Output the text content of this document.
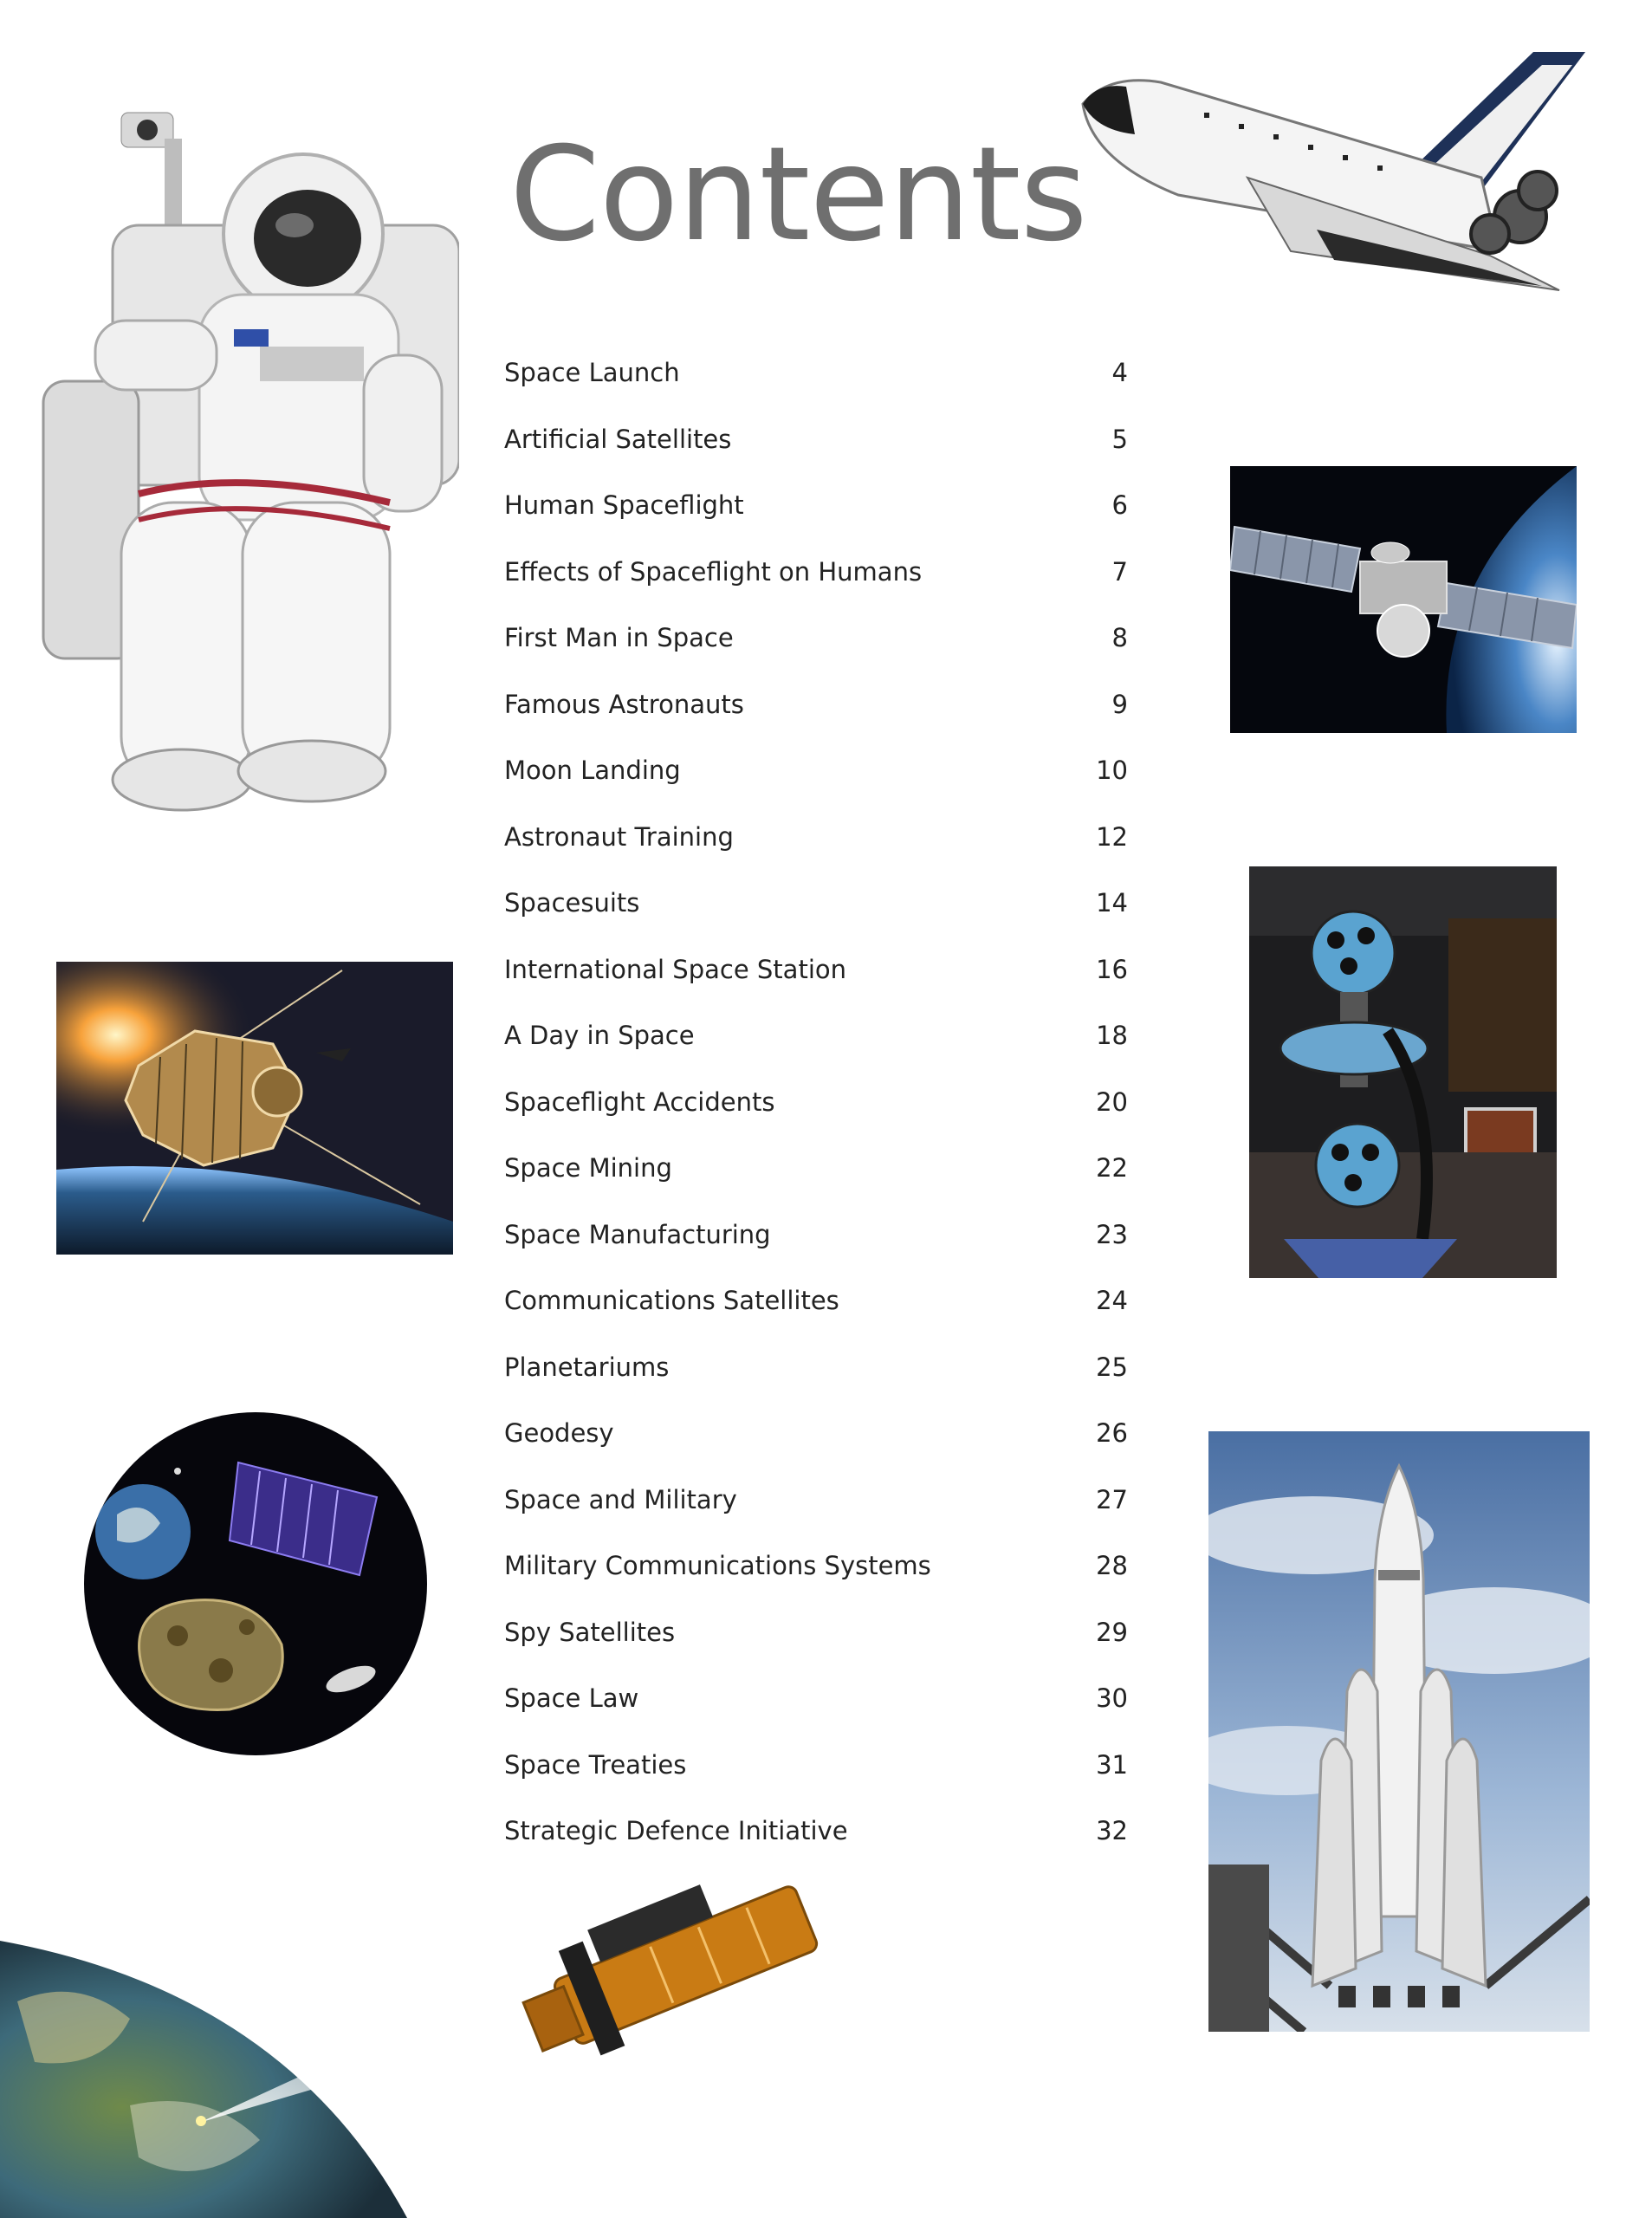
Contents
Space Launch	4
Artificial Satellites	5
Human Spaceflight	6
Effects of Spaceflight on Humans	7
First Man in Space	8
Famous Astronauts	9
Moon Landing	10
Astronaut Training	12
Spacesuits	14
International Space Station	16
A Day in Space	18
Spaceflight Accidents	20
Space Mining	22
Space Manufacturing	23
Communications Satellites	24
Planetariums	25
Geodesy	26
Space and Military	27
Military Communications Systems	28
Spy Satellites	29
Space Law	30
Space Treaties	31
Strategic Defence Initiative	32
